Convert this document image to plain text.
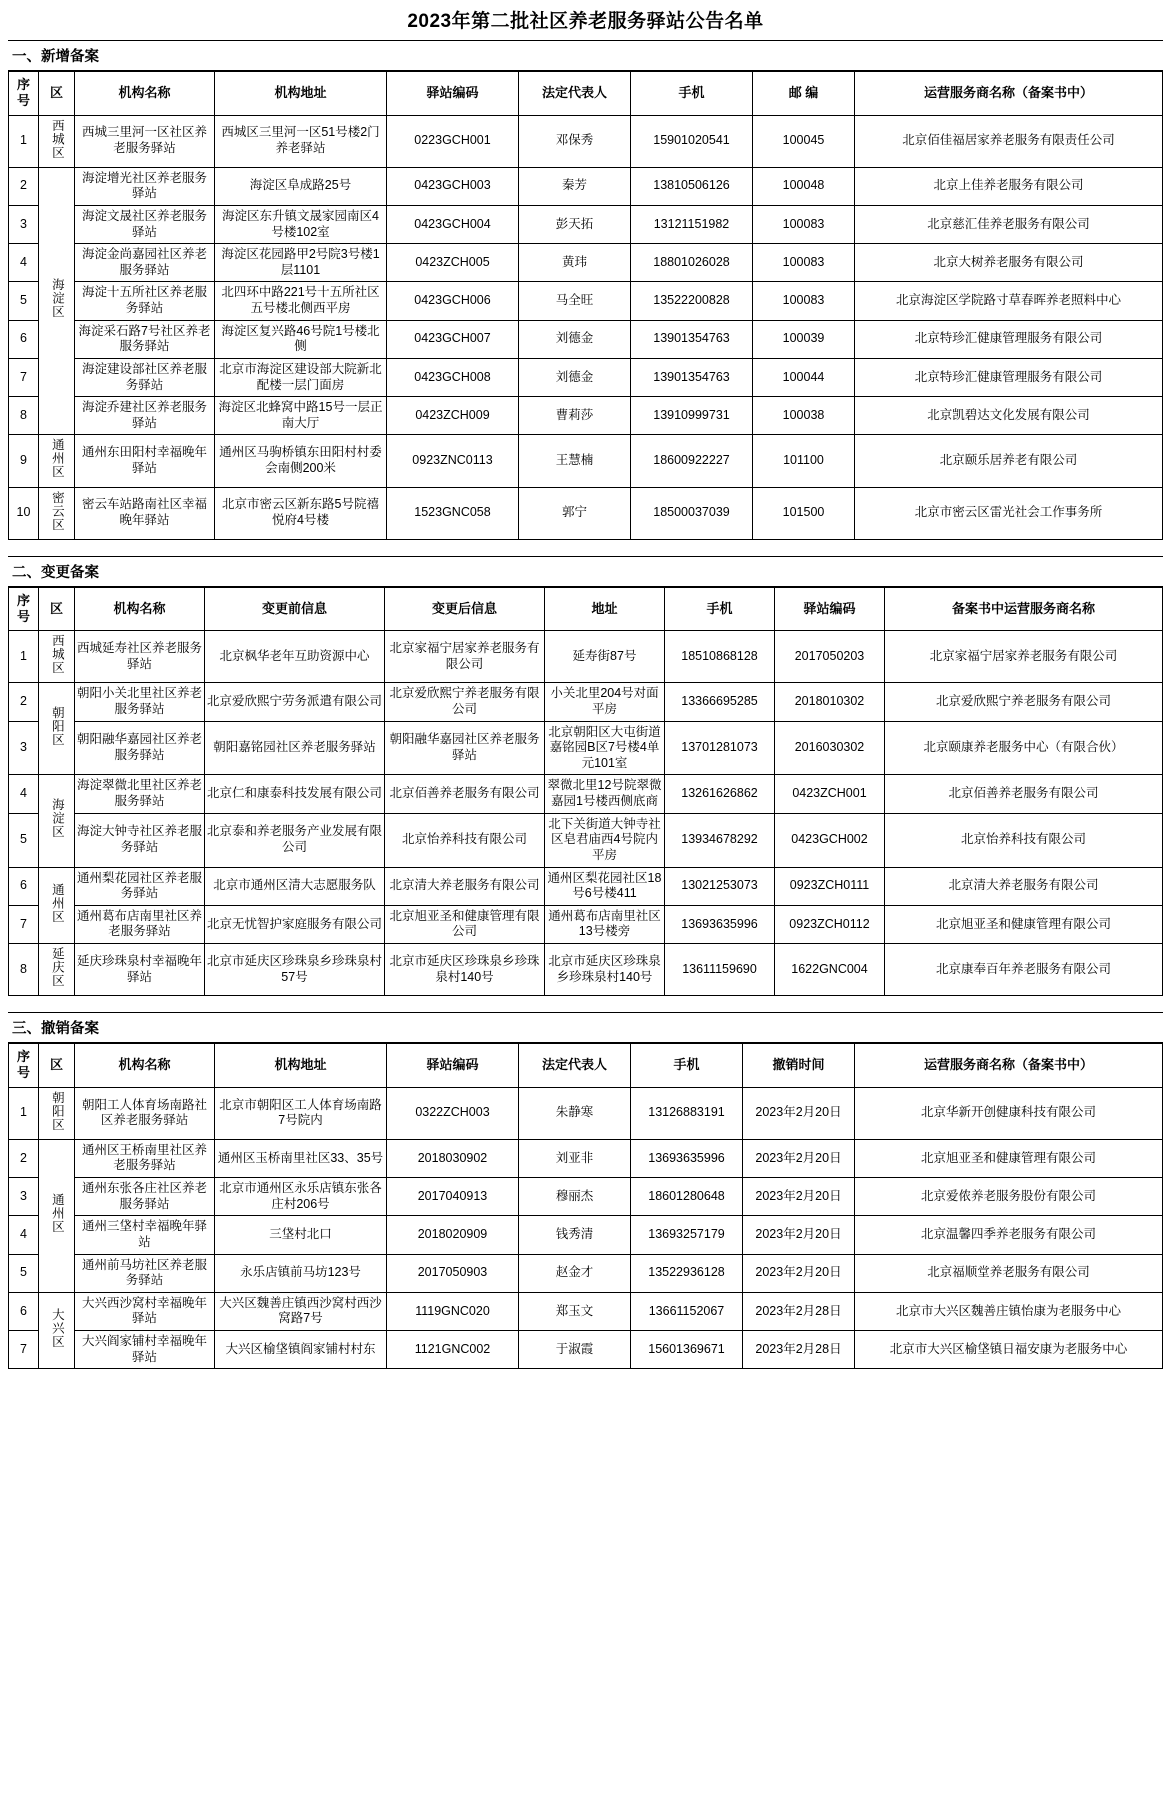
2023年第二批社区养老服务驿站公告名单
一、新增备案
序号	区	机构名称	机构地址	驿站编码	法定代表人	手机	邮 编	运营服务商名称（备案书中）
1	西城区	西城三里河一区社区养老服务驿站	西城区三里河一区51号楼2门养老驿站	0223GCH001	邓保秀	15901020541	100045	北京佰佳福居家养老服务有限责任公司
2	海淀区	海淀增光社区养老服务驿站	海淀区阜成路25号	0423GCH003	秦芳	13810506126	100048	北京上佳养老服务有限公司
3		海淀文晟社区养老服务驿站	海淀区东升镇文晟家园南区4号楼102室	0423GCH004	彭天拓	13121151982	100083	北京慈汇佳养老服务有限公司
4		海淀金尚嘉园社区养老服务驿站	海淀区花园路甲2号院3号楼1层1101	0423ZCH005	黄玮	18801026028	100083	北京大树养老服务有限公司
5		海淀十五所社区养老服务驿站	北四环中路221号十五所社区五号楼北侧西平房	0423GCH006	马全旺	13522200828	100083	北京海淀区学院路寸草春晖养老照料中心
6		海淀采石路7号社区养老服务驿站	海淀区复兴路46号院1号楼北侧	0423GCH007	刘德金	13901354763	100039	北京特珍汇健康管理服务有限公司
7		海淀建设部社区养老服务驿站	北京市海淀区建设部大院新北配楼一层门面房	0423GCH008	刘德金	13901354763	100044	北京特珍汇健康管理服务有限公司
8		海淀乔建社区养老服务驿站	海淀区北蜂窝中路15号一层正南大厅	0423ZCH009	曹莉莎	13910999731	100038	北京凯碧达文化发展有限公司
9	通州区	通州东田阳村幸福晚年驿站	通州区马驹桥镇东田阳村村委会南侧200米	0923ZNC0113	王慧楠	18600922227	101100	北京颐乐居养老有限公司
10	密云区	密云车站路南社区幸福晚年驿站	北京市密云区新东路5号院禧悦府4号楼	1523GNC058	郭宁	18500037039	101500	北京市密云区雷光社会工作事务所
二、变更备案
序号	区	机构名称	变更前信息	变更后信息	地址	手机	驿站编码	备案书中运营服务商名称
1	西城区	西城延寿社区养老服务驿站	北京枫华老年互助资源中心	北京家福宁居家养老服务有限公司	延寿街87号	18510868128	2017050203	北京家福宁居家养老服务有限公司
2	朝阳区	朝阳小关北里社区养老服务驿站	北京爱欣熙宁劳务派遣有限公司	北京爱欣熙宁养老服务有限公司	小关北里204号对面平房	13366695285	2018010302	北京爱欣熙宁养老服务有限公司
3		朝阳融华嘉园社区养老服务驿站	朝阳嘉铭园社区养老服务驿站	朝阳融华嘉园社区养老服务驿站	北京朝阳区大屯街道嘉铭园B区7号楼4单元101室	13701281073	2016030302	北京颐康养老服务中心（有限合伙）
4	海淀区	海淀翠微北里社区养老服务驿站	北京仁和康泰科技发展有限公司	北京佰善养老服务有限公司	翠微北里12号院翠微嘉园1号楼西侧底商	13261626862	0423ZCH001	北京佰善养老服务有限公司
5		海淀大钟寺社区养老服务驿站	北京泰和养老服务产业发展有限公司	北京怡养科技有限公司	北下关街道大钟寺社区皂君庙西4号院内平房	13934678292	0423GCH002	北京怡养科技有限公司
6	通州区	通州梨花园社区养老服务驿站	北京市通州区清大志愿服务队	北京清大养老服务有限公司	通州区梨花园社区18号6号楼411	13021253073	0923ZCH0111	北京清大养老服务有限公司
7		通州葛布店南里社区养老服务驿站	北京无忧智护家庭服务有限公司	北京旭亚圣和健康管理有限公司	通州葛布店南里社区13号楼旁	13693635996	0923ZCH0112	北京旭亚圣和健康管理有限公司
8	延庆区	延庆珍珠泉村幸福晚年驿站	北京市延庆区珍珠泉乡珍珠泉村57号	北京市延庆区珍珠泉乡珍珠泉村140号	北京市延庆区珍珠泉乡珍珠泉村140号	13611159690	1622GNC004	北京康奉百年养老服务有限公司
三、撤销备案
序号	区	机构名称	机构地址	驿站编码	法定代表人	手机	撤销时间	运营服务商名称（备案书中）
1	朝阳区	朝阳工人体育场南路社区养老服务驿站	北京市朝阳区工人体育场南路7号院内	0322ZCH003	朱静寒	13126883191	2023年2月20日	北京华新开创健康科技有限公司
2	通州区	通州区王桥南里社区养老服务驿站	通州区玉桥南里社区33、35号	2018030902	刘亚非	13693635996	2023年2月20日	北京旭亚圣和健康管理有限公司
3		通州东张各庄社区养老服务驿站	北京市通州区永乐店镇东张各庄村206号	2017040913	穆丽杰	18601280648	2023年2月20日	北京爱侬养老服务股份有限公司
4		通州三垡村幸福晚年驿站	三垡村北口	2018020909	钱秀清	13693257179	2023年2月20日	北京温馨四季养老服务有限公司
5		通州前马坊社区养老服务驿站	永乐店镇前马坊123号	2017050903	赵金才	13522936128	2023年2月20日	北京福顺堂养老服务有限公司
6	大兴区	大兴西沙窝村幸福晚年驿站	大兴区魏善庄镇西沙窝村西沙窝路7号	1119GNC020	郑玉文	13661152067	2023年2月28日	北京市大兴区魏善庄镇怡康为老服务中心
7		大兴阎家铺村幸福晚年驿站	大兴区榆垡镇阎家铺村村东	1121GNC002	于淑霞	15601369671	2023年2月28日	北京市大兴区榆垡镇日福安康为老服务中心
